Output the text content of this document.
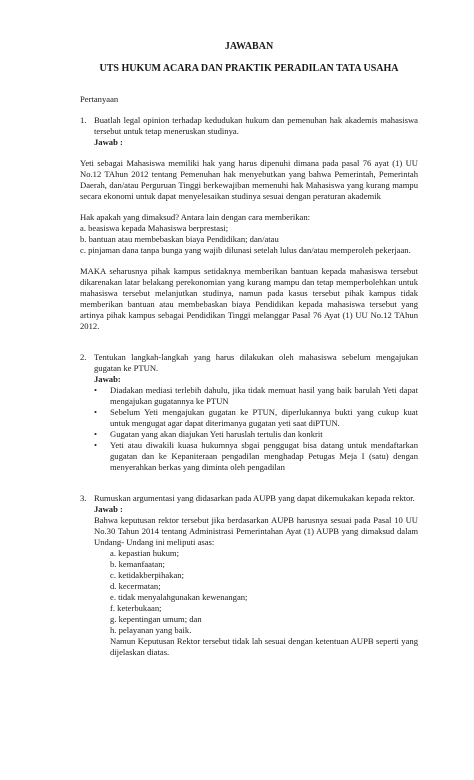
JAWABAN
UTS HUKUM ACARA DAN PRAKTIK PERADILAN TATA USAHA

Pertanyaan

1. Buatlah legal opinion terhadap kedudukan hukum dan pemenuhan hak akademis mahasiswa tersebut untuk tetap meneruskan studinya.

Jawab :

Yeti sebagai Mahasiswa memiliki hak yang harus dipenuhi dimana pada pasal 76 ayat (1) UU No.12 TAhun 2012 tentang Pemenuhan hak menyebutkan yang bahwa Pemerintah, Pemerintah Daerah, dan/atau Perguruan Tinggi berkewajiban memenuhi hak Mahasiswa yang kurang mampu secara ekonomi untuk dapat menyelesaikan studinya sesuai dengan peraturan akademik

Hak apakah yang dimaksud? Antara lain dengan cara memberikan:

a. beasiswa kepada Mahasiswa berprestasi;

b. bantuan atau membebaskan biaya Pendidikan; dan/atau

c. pinjaman dana tanpa bunga yang wajib dilunasi setelah lulus dan/atau memperoleh pekerjaan.

MAKA seharusnya pihak kampus setidaknya memberikan bantuan kepada mahasiswa tersebut dikarenakan latar belakang perekonomian yang kurang mampu dan tetap memperbolehkan untuk mahasiswa tersebut melanjutkan studinya, namun pada kasus tersebut pihak kampus tidak memberikan bantuan atau membebaskan biaya Pendidikan kepada mahasiswa tersebut yang artinya pihak kampus sebagai Pendidikan Tinggi melanggar Pasal 76 Ayat (1) UU No.12 TAhun 2012.

2. Tentukan langkah-langkah yang harus dilakukan oleh mahasiswa sebelum mengajukan gugatan ke PTUN.

Jawab:

•	Diadakan mediasi terlebih dahulu, jika tidak memuat hasil yang baik barulah Yeti dapat mengajukan gugatannya ke PTUN
•	Sebelum Yeti mengajukan gugatan ke PTUN, diperlukannya bukti yang cukup kuat untuk mengugat agar dapat diterimanya gugatan yeti saat diPTUN.
•	Gugatan yang akan diajukan Yeti haruslah tertulis dan konkrit
•	Yeti atau diwakili kuasa hukumnya sbgai penggugat bisa datang untuk mendaftarkan gugatan dan ke Kepaniteraan pengadilan menghadap Petugas Meja I (satu) dengan menyerahkan berkas yang diminta oleh pengadilan
3. Rumuskan argumentasi yang didasarkan pada AUPB yang dapat dikemukakan kepada rektor.

Jawab :

Bahwa keputusan rektor tersebut jika berdasarkan AUPB harusnya sesuai pada Pasal 10 UU No.30 Tahun 2014 tentang Administrasi Pemerintahan Ayat (1) AUPB yang dimaksud dalam Undang- Undang ini meliputi asas:

a. kepastian hukum;
b. kemanfaatan;
c. ketidakberpihakan;
d. kecermatan;
e. tidak menyalahgunakan kewenangan;
f. keterbukaan;
g. kepentingan umum; dan
h. pelayanan yang baik.

Namun Keputusan Rektor tersebut tidak lah sesuai dengan ketentuan AUPB seperti yang dijelaskan diatas.
